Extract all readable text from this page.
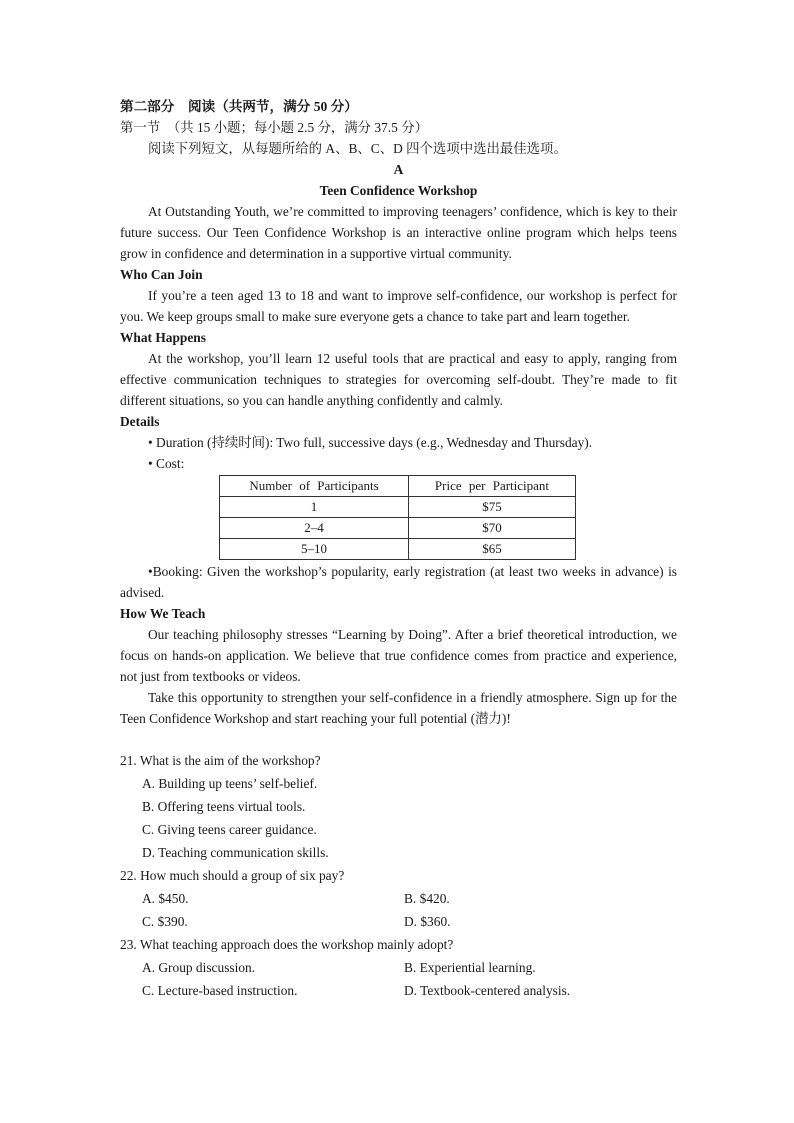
第二部分　阅读（共两节，满分 50 分）
第一节　（共 15 小题；每小题 2.5 分，满分 37.5 分）
阅读下列短文，从每题所给的 A、B、C、D 四个选项中选出最佳选项。
A
Teen Confidence Workshop
At Outstanding Youth, we’re committed to improving teenagers’ confidence, which is key to their future success. Our Teen Confidence Workshop is an interactive online program which helps teens grow in confidence and determination in a supportive virtual community.
Who Can Join
If you’re a teen aged 13 to 18 and want to improve self-confidence, our workshop is perfect for you. We keep groups small to make sure everyone gets a chance to take part and learn together.
What Happens
At the workshop, you’ll learn 12 useful tools that are practical and easy to apply, ranging from effective communication techniques to strategies for overcoming self-doubt. They’re made to fit different situations, so you can handle anything confidently and calmly.
Details
• Duration (持续时间): Two full, successive days (e.g., Wednesday and Thursday).
• Cost:
Number of Participants	Price per Participant
1	$75
2–4	$70
5–10	$65
•Booking: Given the workshop’s popularity, early registration (at least two weeks in advance) is advised.
How We Teach
Our teaching philosophy stresses “Learning by Doing”. After a brief theoretical introduction, we focus on hands-on application. We believe that true confidence comes from practice and experience, not just from textbooks or videos.
Take this opportunity to strengthen your self-confidence in a friendly atmosphere. Sign up for the Teen Confidence Workshop and start reaching your full potential (潜力)!
21. What is the aim of the workshop?
A. Building up teens’ self-belief.
B. Offering teens virtual tools.
C. Giving teens career guidance.
D. Teaching communication skills.
22. How much should a group of six pay?
A. $450.	B. $420.
C. $390.	D. $360.
23. What teaching approach does the workshop mainly adopt?
A. Group discussion.	B. Experiential learning.
C. Lecture-based instruction.	D. Textbook-centered analysis.
